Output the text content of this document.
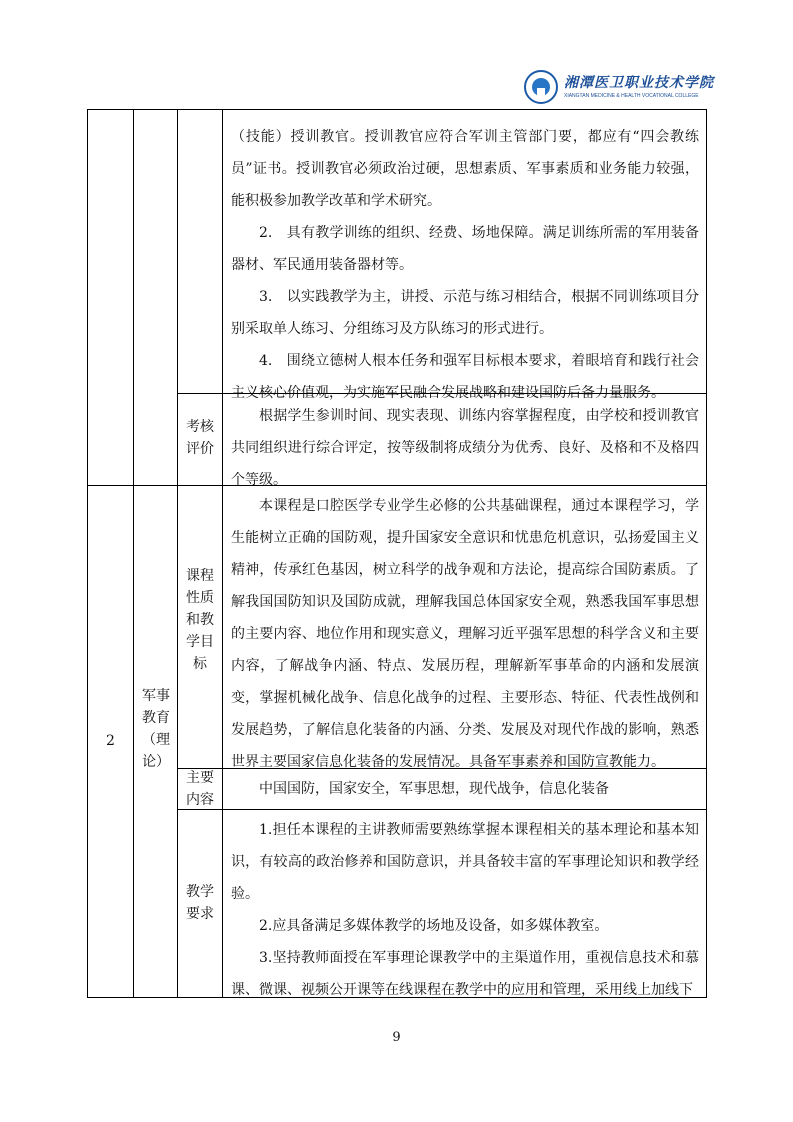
湘潭医卫职业技术学院
XIANGTAN MEDICINE & HEALTH VOCATIONAL COLLEGE

（技能）授训教官。授训教官应符合军训主管部门要，都应有“四会教练员”证书。授训教官必须政治过硬，思想素质、军事素质和业务能力较强，能积极参加教学改革和学术研究。

2.　具有教学训练的组织、经费、场地保障。满足训练所需的军用装备器材、军民通用装备器材等。

3.　以实践教学为主，讲授、示范与练习相结合，根据不同训练项目分别采取单人练习、分组练习及方队练习的形式进行。

4.　围绕立德树人根本任务和强军目标根本要求，着眼培育和践行社会主义核心价值观，为实施军民融合发展战略和建设国防后备力量服务。

考核评价

根据学生参训时间、现实表现、训练内容掌握程度，由学校和授训教官共同组织进行综合评定，按等级制将成绩分为优秀、良好、及格和不及格四个等级。

2
军事教育（理论）
课程性质和教学目标

本课程是口腔医学专业学生必修的公共基础课程，通过本课程学习，学生能树立正确的国防观，提升国家安全意识和忧患危机意识，弘扬爱国主义精神，传承红色基因，树立科学的战争观和方法论，提高综合国防素质。了解我国国防知识及国防成就，理解我国总体国家安全观，熟悉我国军事思想的主要内容、地位作用和现实意义，理解习近平强军思想的科学含义和主要内容，了解战争内涵、特点、发展历程，理解新军事革命的内涵和发展演变，掌握机械化战争、信息化战争的过程、主要形态、特征、代表性战例和发展趋势，了解信息化装备的内涵、分类、发展及对现代作战的影响，熟悉世界主要国家信息化装备的发展情况。具备军事素养和国防宣教能力。

主要内容

中国国防，国家安全，军事思想，现代战争，信息化装备

教学要求

1.担任本课程的主讲教师需要熟练掌握本课程相关的基本理论和基本知识，有较高的政治修养和国防意识，并具备较丰富的军事理论知识和教学经验。

2.应具备满足多媒体教学的场地及设备，如多媒体教室。

3.坚持教师面授在军事理论课教学中的主渠道作用，重视信息技术和慕课、微课、视频公开课等在线课程在教学中的应用和管理，采用线上加线下

9
